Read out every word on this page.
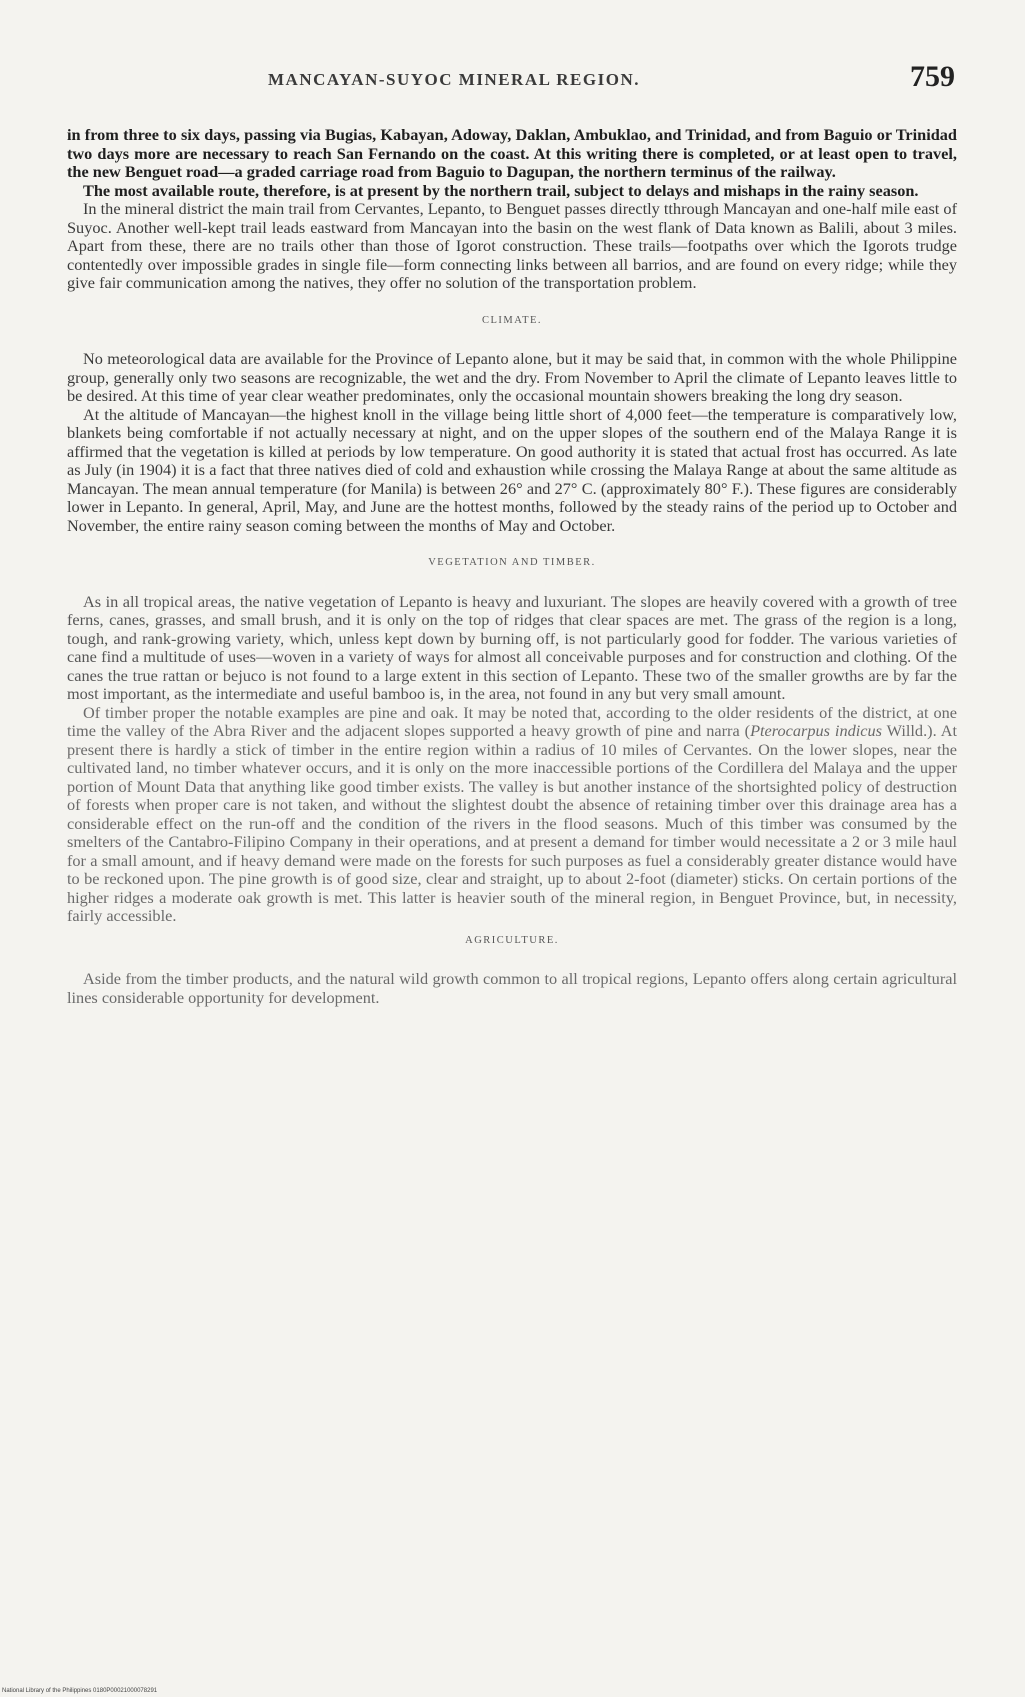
MANCAYAN-SUYOC MINERAL REGION.	759

in from three to six days, passing via Bugias, Kabayan, Adoway, Daklan, Ambuklao, and Trinidad, and from Baguio or Trinidad two days more are necessary to reach San Fernando on the coast. At this writing there is completed, or at least open to travel, the new Benguet road—a graded carriage road from Baguio to Dagupan, the northern terminus of the railway.

The most available route, therefore, is at present by the northern trail, subject to delays and mishaps in the rainy season.

In the mineral district the main trail from Cervantes, Lepanto, to Benguet passes directly tthrough Mancayan and one-half mile east of Suyoc. Another well-kept trail leads eastward from Mancayan into the basin on the west flank of Data known as Balili, about 3 miles. Apart from these, there are no trails other than those of Igorot construction. These trails—footpaths over which the Igorots trudge contentedly over impossible grades in single file—form connecting links between all barrios, and are found on every ridge; while they give fair communication among the natives, they offer no solution of the transportation problem.

CLIMATE.

No meteorological data are available for the Province of Lepanto alone, but it may be said that, in common with the whole Philippine group, generally only two seasons are recognizable, the wet and the dry. From November to April the climate of Lepanto leaves little to be desired. At this time of year clear weather predominates, only the occasional mountain showers breaking the long dry season.

At the altitude of Mancayan—the highest knoll in the village being little short of 4,000 feet—the temperature is comparatively low, blankets being comfortable if not actually necessary at night, and on the upper slopes of the southern end of the Malaya Range it is affirmed that the vegetation is killed at periods by low temperature. On good authority it is stated that actual frost has occurred. As late as July (in 1904) it is a fact that three natives died of cold and exhaustion while crossing the Malaya Range at about the same altitude as Mancayan. The mean annual temperature (for Manila) is between 26° and 27° C. (approximately 80° F.). These figures are considerably lower in Lepanto. In general, April, May, and June are the hottest months, followed by the steady rains of the period up to October and November, the entire rainy season coming between the months of May and October.

VEGETATION AND TIMBER.

As in all tropical areas, the native vegetation of Lepanto is heavy and luxuriant. The slopes are heavily covered with a growth of tree ferns, canes, grasses, and small brush, and it is only on the top of ridges that clear spaces are met. The grass of the region is a long, tough, and rank-growing variety, which, unless kept down by burning off, is not particularly good for fodder. The various varieties of cane find a multitude of uses—woven in a variety of ways for almost all conceivable purposes and for construction and clothing. Of the canes the true rattan or bejuco is not found to a large extent in this section of Lepanto. These two of the smaller growths are by far the most important, as the intermediate and useful bamboo is, in the area, not found in any but very small amount.

Of timber proper the notable examples are pine and oak. It may be noted that, according to the older residents of the district, at one time the valley of the Abra River and the adjacent slopes supported a heavy growth of pine and narra (Pterocarpus indicus Willd.). At present there is hardly a stick of timber in the entire region within a radius of 10 miles of Cervantes. On the lower slopes, near the cultivated land, no timber whatever occurs, and it is only on the more inaccessible portions of the Cordillera del Malaya and the upper portion of Mount Data that anything like good timber exists. The valley is but another instance of the shortsighted policy of destruction of forests when proper care is not taken, and without the slightest doubt the absence of retaining timber over this drainage area has a considerable effect on the run-off and the condition of the rivers in the flood seasons. Much of this timber was consumed by the smelters of the Cantabro-Filipino Company in their operations, and at present a demand for timber would necessitate a 2 or 3 mile haul for a small amount, and if heavy demand were made on the forests for such purposes as fuel a considerably greater distance would have to be reckoned upon. The pine growth is of good size, clear and straight, up to about 2-foot (diameter) sticks. On certain portions of the higher ridges a moderate oak growth is met. This latter is heavier south of the mineral region, in Benguet Province, but, in necessity, fairly accessible.

AGRICULTURE.

Aside from the timber products, and the natural wild growth common to all tropical regions, Lepanto offers along certain agricultural lines considerable opportunity for development.

National Library of the Philippines 0180P00021000078291
